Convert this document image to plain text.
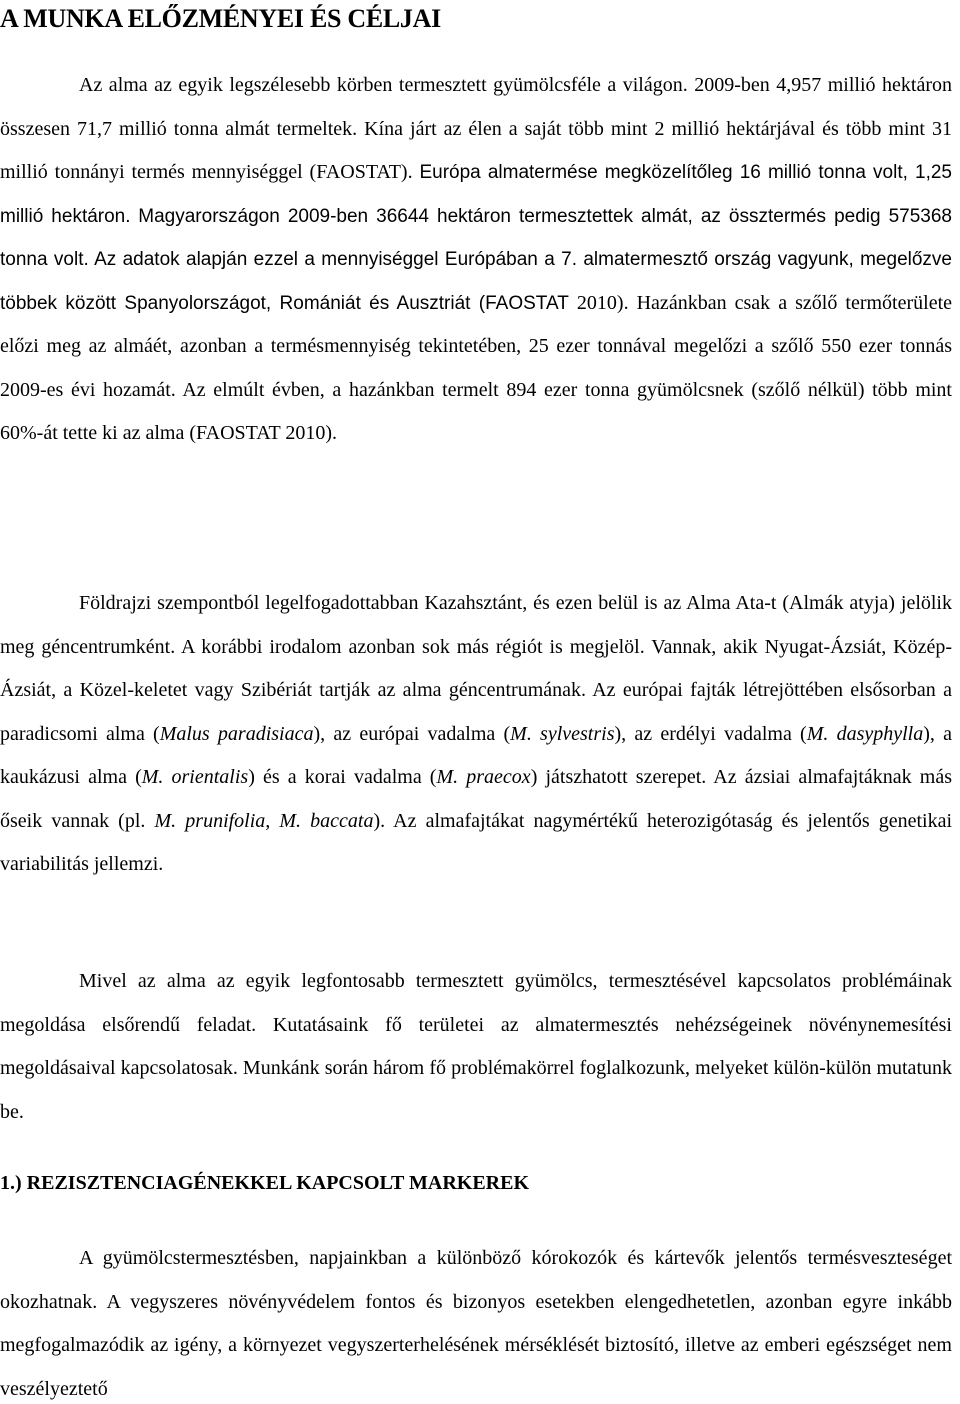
A MUNKA ELŐZMÉNYEI ÉS CÉLJAI

Az alma az egyik legszélesebb körben termesztett gyümölcsféle a világon. 2009-ben 4,957 millió hektáron összesen 71,7 millió tonna almát termeltek. Kína járt az élen a saját több mint 2 millió hektárjával és több mint 31 millió tonnányi termés mennyiséggel (FAOSTAT). Európa almatermése megközelítőleg 16 millió tonna volt, 1,25 millió hektáron. Magyarországon 2009-ben 36644 hektáron termesztettek almát, az össztermés pedig 575368 tonna volt. Az adatok alapján ezzel a mennyiséggel Európában a 7. almatermesztő ország vagyunk, megelőzve többek között Spanyolországot, Romániát és Ausztriát (FAOSTAT 2010). Hazánkban csak a szőlő termőterülete előzi meg az almáét, azonban a termésmennyiség tekintetében, 25 ezer tonnával megelőzi a szőlő 550 ezer tonnás 2009-es évi hozamát. Az elmúlt évben, a hazánkban termelt 894 ezer tonna gyümölcsnek (szőlő nélkül) több mint 60%-át tette ki az alma (FAOSTAT 2010).

Földrajzi szempontból legelfogadottabban Kazahsztánt, és ezen belül is az Alma Ata-t (Almák atyja) jelölik meg géncentrumként. A korábbi irodalom azonban sok más régiót is megjelöl. Vannak, akik Nyugat-Ázsiát, Közép-Ázsiát, a Közel-keletet vagy Szibériát tartják az alma géncentrumának. Az európai fajták létrejöttében elsősorban a paradicsomi alma (Malus paradisiaca), az európai vadalma (M. sylvestris), az erdélyi vadalma (M. dasyphylla), a kaukázusi alma (M. orientalis) és a korai vadalma (M. praecox) játszhatott szerepet. Az ázsiai almafajtáknak más őseik vannak (pl. M. prunifolia, M. baccata). Az almafajtákat nagymértékű heterozigótaság és jelentős genetikai variabilitás jellemzi.

Mivel az alma az egyik legfontosabb termesztett gyümölcs, termesztésével kapcsolatos problémáinak megoldása elsőrendű feladat. Kutatásaink fő területei az almatermesztés nehézségeinek növénynemesítési megoldásaival kapcsolatosak. Munkánk során három fő problémakörrel foglalkozunk, melyeket külön-külön mutatunk be.

1.) REZISZTENCIAGÉNEKKEL KAPCSOLT MARKEREK

A gyümölcstermesztésben, napjainkban a különböző kórokozók és kártevők jelentős termésveszteséget okozhatnak. A vegyszeres növényvédelem fontos és bizonyos esetekben elengedhetetlen, azonban egyre inkább megfogalmazódik az igény, a környezet vegyszerterhelésének mérséklését biztosító, illetve az emberi egészséget nem veszélyeztető
